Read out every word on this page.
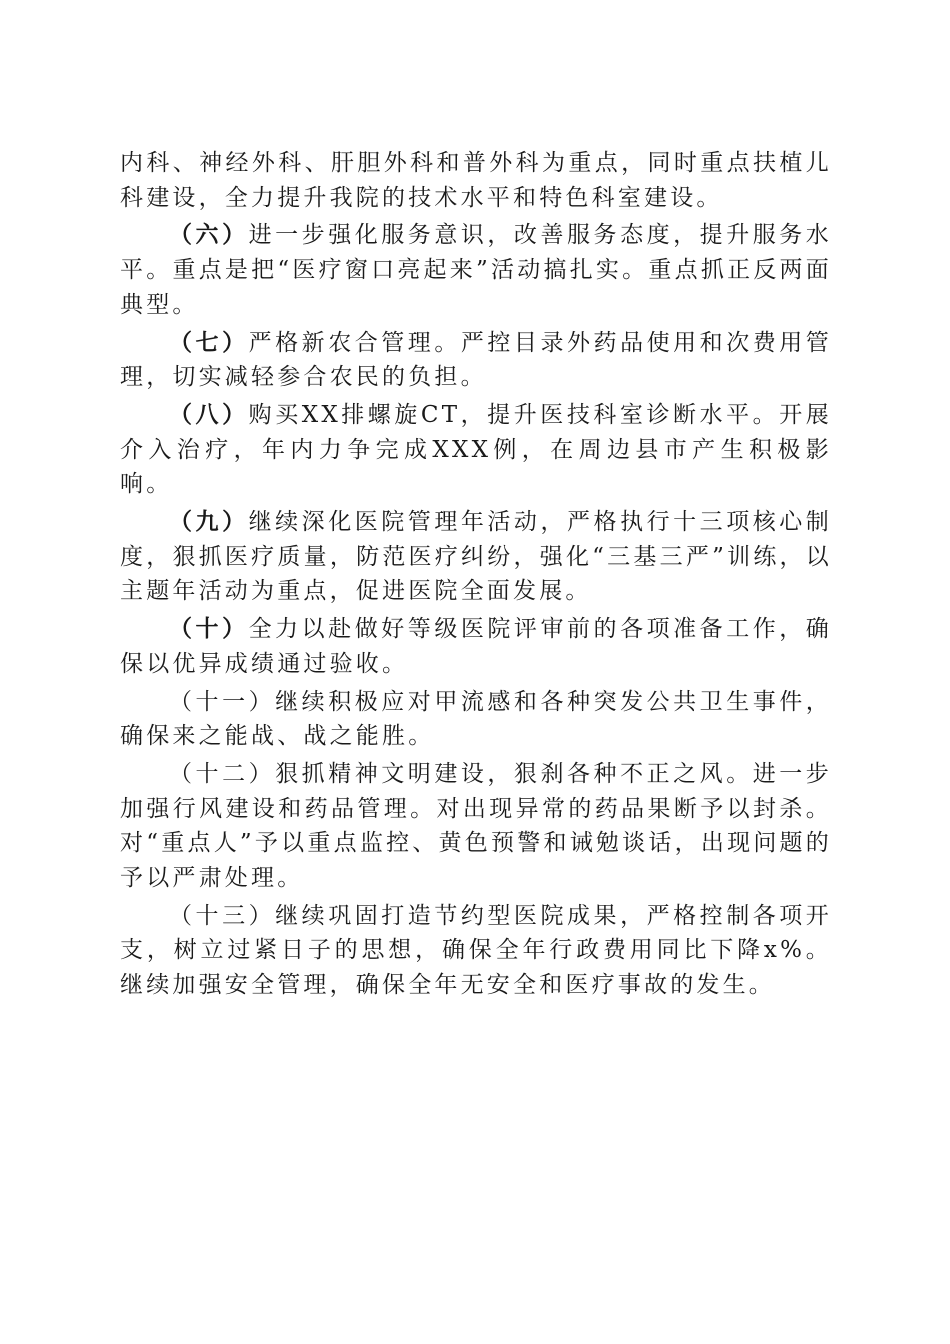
内科、神经外科、肝胆外科和普外科为重点，同时重点扶植儿科建设，全力提升我院的技术水平和特色科室建设。

（六）进一步强化服务意识，改善服务态度，提升服务水平。重点是把“医疗窗口亮起来”活动搞扎实。重点抓正反两面典型。

（七）严格新农合管理。严控目录外药品使用和次费用管理，切实减轻参合农民的负担。

（八）购买XX排螺旋CT，提升医技科室诊断水平。开展介入治疗，年内力争完成XXX例，在周边县市产生积极影响。

（九）继续深化医院管理年活动，严格执行十三项核心制度，狠抓医疗质量，防范医疗纠纷，强化“三基三严”训练，以主题年活动为重点，促进医院全面发展。

（十）全力以赴做好等级医院评审前的各项准备工作，确保以优异成绩通过验收。

（十一）继续积极应对甲流感和各种突发公共卫生事件，确保来之能战、战之能胜。

（十二）狠抓精神文明建设，狠刹各种不正之风。进一步加强行风建设和药品管理。对出现异常的药品果断予以封杀。对“重点人”予以重点监控、黄色预警和诫勉谈话，出现问题的予以严肃处理。

（十三）继续巩固打造节约型医院成果，严格控制各项开支，树立过紧日子的思想，确保全年行政费用同比下降x%。继续加强安全管理，确保全年无安全和医疗事故的发生。
